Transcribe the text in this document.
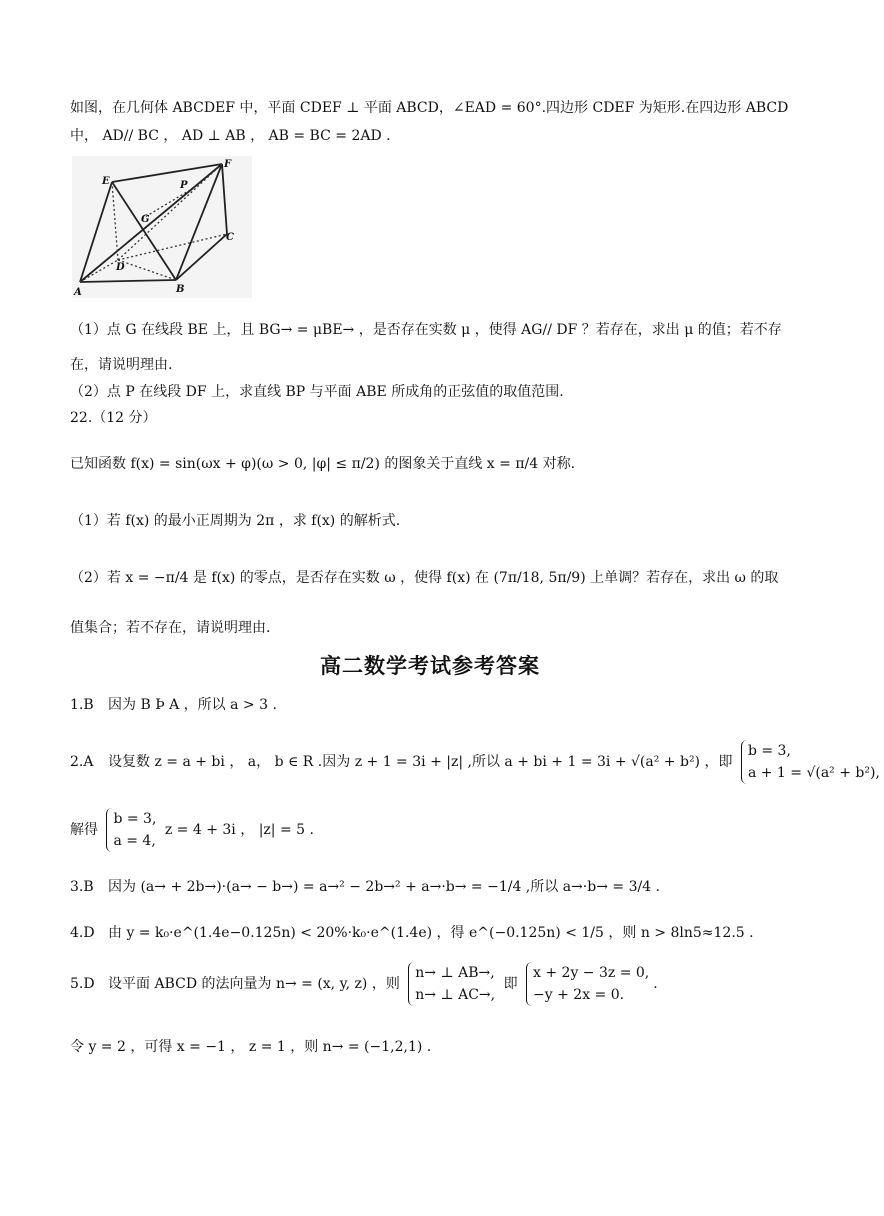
如图，在几何体 ABCDEF 中，平面 CDEF ⊥ 平面 ABCD，∠EAD = 60°.四边形 CDEF 为矩形.在四边形 ABCD
中， AD// BC ， AD ⊥ AB ， AB = BC = 2AD .
E
F
G
P
D
C
A	B
（1）点 G 在线段 BE 上，且 BG→ = μBE→ ，是否存在实数 μ ，使得 AG// DF ？若存在，求出 μ 的值；若不存
在，请说明理由.
（2）点 P 在线段 DF 上，求直线 BP 与平面 ABE 所成角的正弦值的取值范围.
22.（12 分）
已知函数 f(x) = sin(ωx + φ)(ω > 0, |φ| ≤ π/2) 的图象关于直线 x = π/4 对称.
（1）若 f(x) 的最小正周期为 2π ，求 f(x) 的解析式.
（2）若 x = −π/4 是 f(x) 的零点，是否存在实数 ω ，使得 f(x) 在 (7π/18, 5π/9) 上单调？若存在，求出 ω 的取
值集合；若不存在，请说明理由.
高二数学考试参考答案
1.B 因为 B Þ A ，所以 a > 3 .
2.A 设复数 z = a + bi ， a， b ∈ R .因为 z + 1 = 3i + |z| ,所以 a + bi + 1 = 3i + √(a² + b²) ，即
b = 3,
a + 1 = √(a² + b²),
解得
b = 3,
a = 4,
z = 4 + 3i ， |z| = 5 .
3.B 因为 (a→ + 2b→)·(a→ − b→) = a→² − 2b→² + a→·b→ = −1/4 ,所以 a→·b→ = 3/4 .
4.D 由 y = k₀·e^(1.4e−0.125n) < 20%·k₀·e^(1.4e) ，得 e^(−0.125n) < 1/5 ，则 n > 8ln5≈12.5 .
5.D 设平面 ABCD 的法向量为 n→ = (x, y, z) ，则
n→ ⊥ AB→,
n→ ⊥ AC→,
即
x + 2y − 3z = 0,
−y + 2x = 0.
.
令 y = 2 ，可得 x = −1 ， z = 1 ，则 n→ = (−1,2,1) .
